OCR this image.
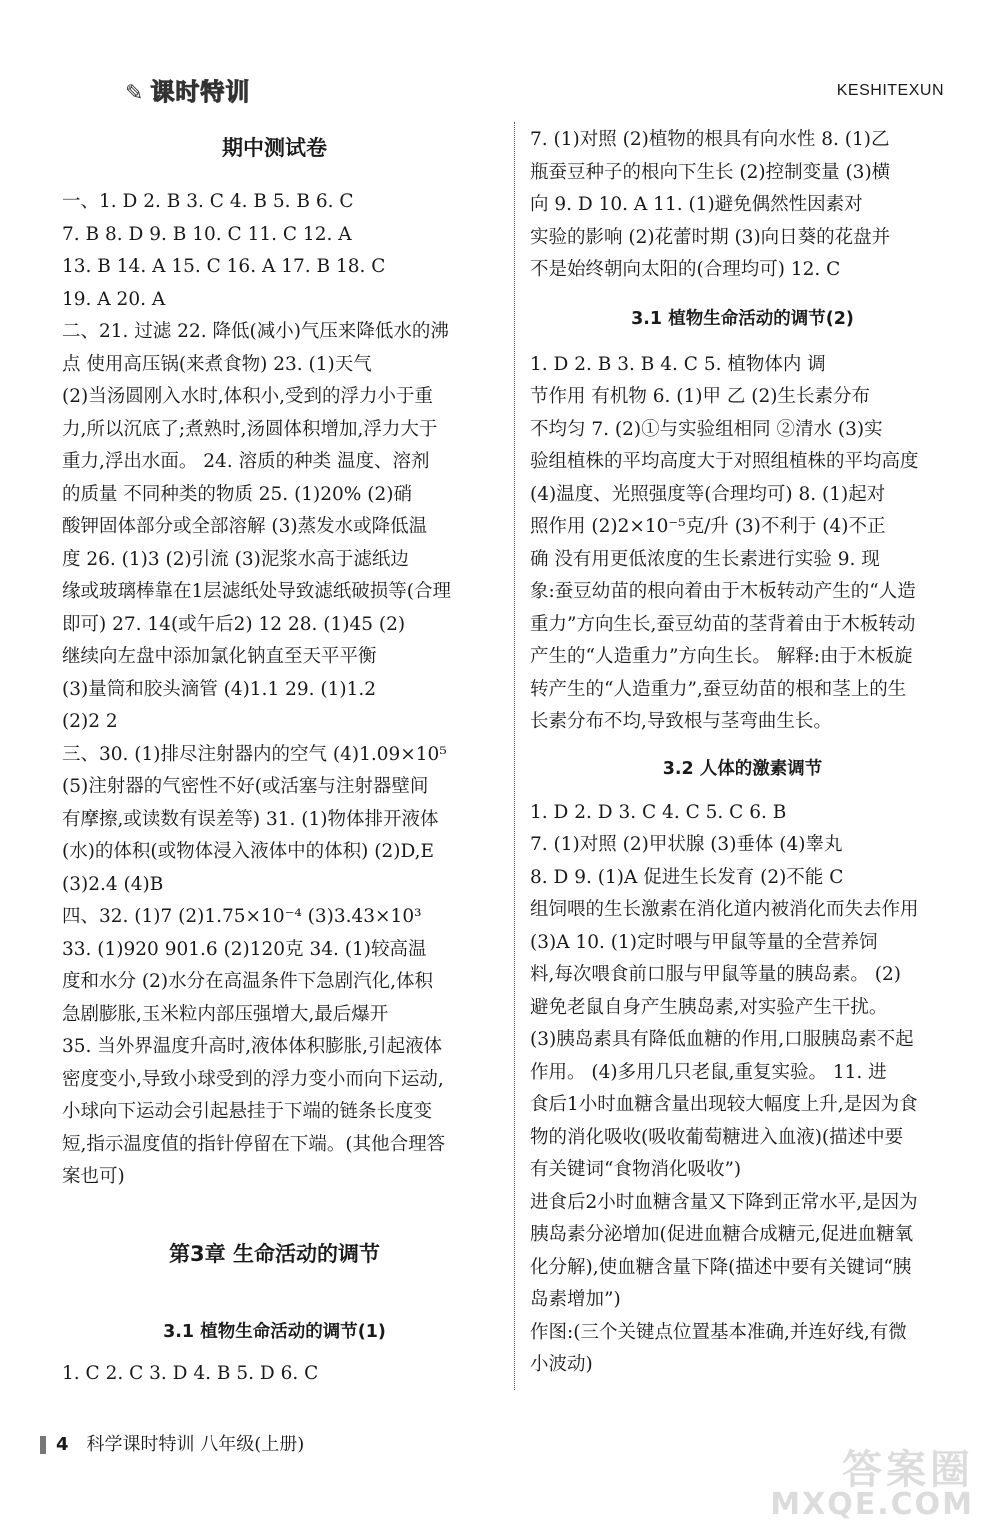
✎ 课时特训	KESHITEXUN
期中测试卷
一、1. D 2. B 3. C 4. B 5. B 6. C
7. B 8. D 9. B 10. C 11. C 12. A
13. B 14. A 15. C 16. A 17. B 18. C
19. A 20. A
二、21. 过滤 22. 降低(减小)气压来降低水的沸
点 使用高压锅(来煮食物) 23. (1)天气
(2)当汤圆刚入水时,体积小,受到的浮力小于重
力,所以沉底了;煮熟时,汤圆体积增加,浮力大于
重力,浮出水面。 24. 溶质的种类 温度、溶剂
的质量 不同种类的物质 25. (1)20% (2)硝
酸钾固体部分或全部溶解 (3)蒸发水或降低温
度 26. (1)3 (2)引流 (3)泥浆水高于滤纸边
缘或玻璃棒靠在1层滤纸处导致滤纸破损等(合理
即可) 27. 14(或午后2) 12 28. (1)45 (2)
继续向左盘中添加氯化钠直至天平平衡
(3)量筒和胶头滴管 (4)1.1 29. (1)1.2
(2)2 2
三、30. (1)排尽注射器内的空气 (4)1.09×10⁵
(5)注射器的气密性不好(或活塞与注射器壁间
有摩擦,或读数有误差等) 31. (1)物体排开液体
(水)的体积(或物体浸入液体中的体积) (2)D,E
(3)2.4 (4)B
四、32. (1)7 (2)1.75×10⁻⁴ (3)3.43×10³
33. (1)920 901.6 (2)120克 34. (1)较高温
度和水分 (2)水分在高温条件下急剧汽化,体积
急剧膨胀,玉米粒内部压强增大,最后爆开
35. 当外界温度升高时,液体体积膨胀,引起液体
密度变小,导致小球受到的浮力变小而向下运动,
小球向下运动会引起悬挂于下端的链条长度变
短,指示温度值的指针停留在下端。(其他合理答
案也可)
第3章 生命活动的调节
3.1 植物生命活动的调节(1)
1. C 2. C 3. D 4. B 5. D 6. C
7. (1)对照 (2)植物的根具有向水性 8. (1)乙
瓶蚕豆种子的根向下生长 (2)控制变量 (3)横
向 9. D 10. A 11. (1)避免偶然性因素对
实验的影响 (2)花蕾时期 (3)向日葵的花盘并
不是始终朝向太阳的(合理均可) 12. C
3.1 植物生命活动的调节(2)
1. D 2. B 3. B 4. C 5. 植物体内 调
节作用 有机物 6. (1)甲 乙 (2)生长素分布
不均匀 7. (2)①与实验组相同 ②清水 (3)实
验组植株的平均高度大于对照组植株的平均高度
(4)温度、光照强度等(合理均可) 8. (1)起对
照作用 (2)2×10⁻⁵克/升 (3)不利于 (4)不正
确 没有用更低浓度的生长素进行实验 9. 现
象:蚕豆幼苗的根向着由于木板转动产生的“人造
重力”方向生长,蚕豆幼苗的茎背着由于木板转动
产生的“人造重力”方向生长。 解释:由于木板旋
转产生的“人造重力”,蚕豆幼苗的根和茎上的生
长素分布不均,导致根与茎弯曲生长。
3.2 人体的激素调节
1. D 2. D 3. C 4. C 5. C 6. B
7. (1)对照 (2)甲状腺 (3)垂体 (4)睾丸
8. D 9. (1)A 促进生长发育 (2)不能 C
组饲喂的生长激素在消化道内被消化而失去作用
(3)A 10. (1)定时喂与甲鼠等量的全营养饲
料,每次喂食前口服与甲鼠等量的胰岛素。 (2)
避免老鼠自身产生胰岛素,对实验产生干扰。
(3)胰岛素具有降低血糖的作用,口服胰岛素不起
作用。 (4)多用几只老鼠,重复实验。 11. 进
食后1小时血糖含量出现较大幅度上升,是因为食
物的消化吸收(吸收葡萄糖进入血液)(描述中要
有关键词“食物消化吸收”)
进食后2小时血糖含量又下降到正常水平,是因为
胰岛素分泌增加(促进血糖合成糖元,促进血糖氧
化分解),使血糖含量下降(描述中要有关键词“胰
岛素增加”)
作图:(三个关键点位置基本准确,并连好线,有微
小波动)
4 科学课时特训 八年级(上册)
答案圈
MXQE.COM
